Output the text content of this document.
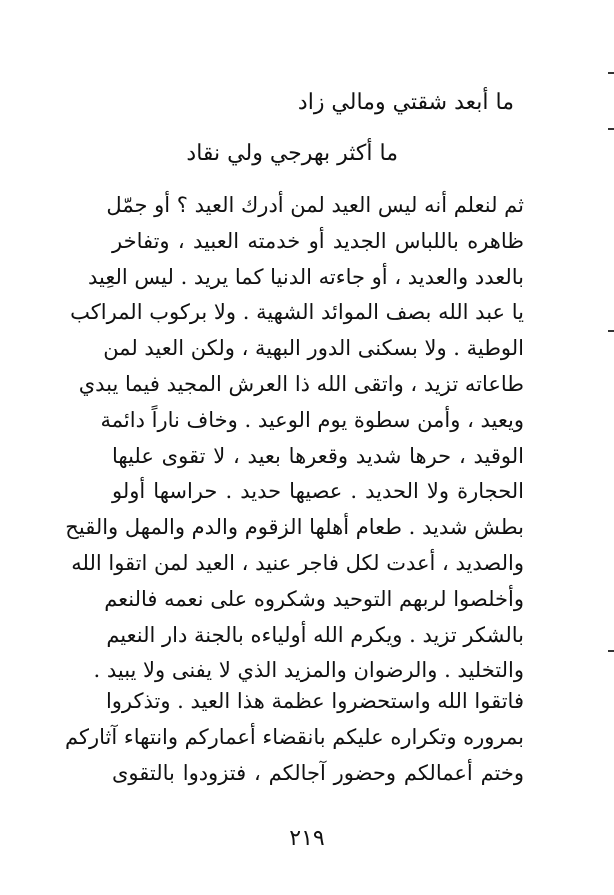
ما أبعد شقتي ومالي زاد
ما أكثر بهرجي ولي نقاد
ثم لنعلم أنه ليس العيد لمن أدرك العيد ؟ أو جمّل
ظاهره باللباس الجديد أو خدمته العبيد ، وتفاخر
بالعدد والعديد ، أو جاءته الدنيا كما يريد . ليس العِيد
يا عبد الله بصف الموائد الشهية . ولا بركوب المراكب
الوطية . ولا بسكنى الدور البهية ، ولكن العيد لمن
طاعاته تزيد ، واتقى الله ذا العرش المجيد فيما يبدي
ويعيد ، وأمن سطوة يوم الوعيد . وخاف ناراً دائمة
الوقيد ، حرها شديد وقعرها بعيد ، لا تقوى عليها
الحجارة ولا الحديد . عصيها حديد . حراسها أولو
بطش شديد . طعام أهلها الزقوم والدم والمهل والقيح
والصديد ، أعدت لكل فاجر عنيد ، العيد لمن اتقوا الله
وأخلصوا لربهم التوحيد وشكروه على نعمه فالنعم
بالشكر تزيد . ويكرم الله أولياءه بالجنة دار النعيم
والتخليد . والرضوان والمزيد الذي لا يفنى ولا يبيد .
فاتقوا الله واستحضروا عظمة هذا العيد . وتذكروا
بمروره وتكراره عليكم بانقضاء أعماركم وانتهاء آثاركم
وختم أعمالكم وحضور آجالكم ، فتزودوا بالتقوى
٢١٩
